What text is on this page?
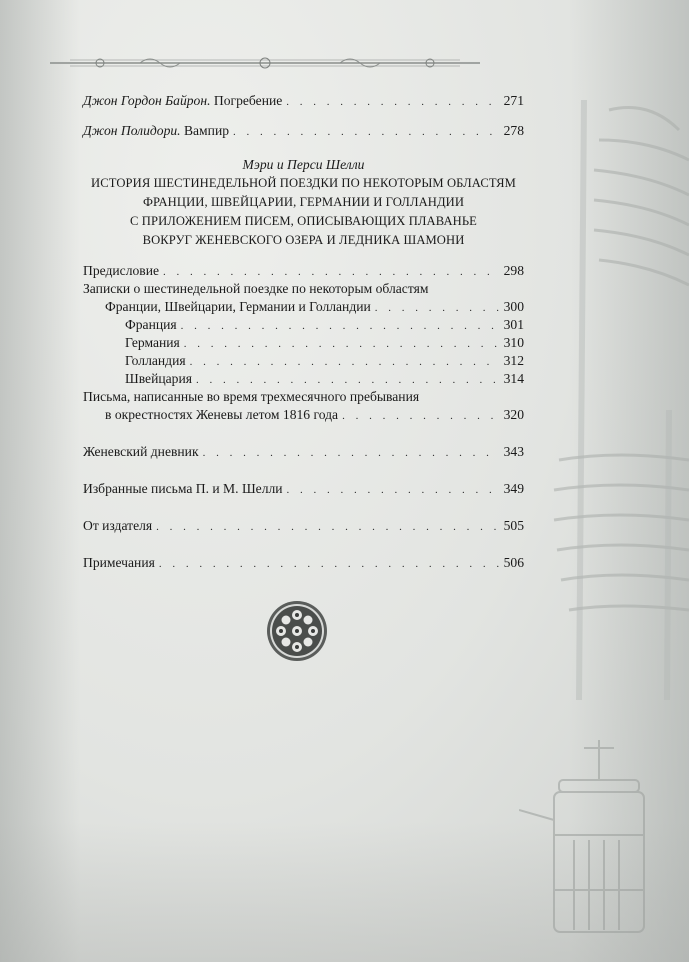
Джон Гордон Байрон. Погребение . . .	271
Джон Полидори. Вампир . . .	278
Мэри и Перси Шелли
ИСТОРИЯ ШЕСТИНЕДЕЛЬНОЙ ПОЕЗДКИ ПО НЕКОТОРЫМ ОБЛАСТЯМ
ФРАНЦИИ, ШВЕЙЦАРИИ, ГЕРМАНИИ И ГОЛЛАНДИИ
С ПРИЛОЖЕНИЕМ ПИСЕМ, ОПИСЫВАЮЩИХ ПЛАВАНЬЕ
ВОКРУГ ЖЕНЕВСКОГО ОЗЕРА И ЛЕДНИКА ШАМОНИ
Предисловие . . .	298
Записки о шестинедельной поездке по некоторым областям
Франции, Швейцарии, Германии и Голландии . . .	300
Франция . . .	301
Германия . . .	310
Голландия . . .	312
Швейцария . . .	314
Письма, написанные во время трехмесячного пребывания
в окрестностях Женевы летом 1816 года . . .	320
Женевский дневник . . .	343
Избранные письма П. и М. Шелли . . .	349
От издателя . . .	505
Примечания . . .	506
